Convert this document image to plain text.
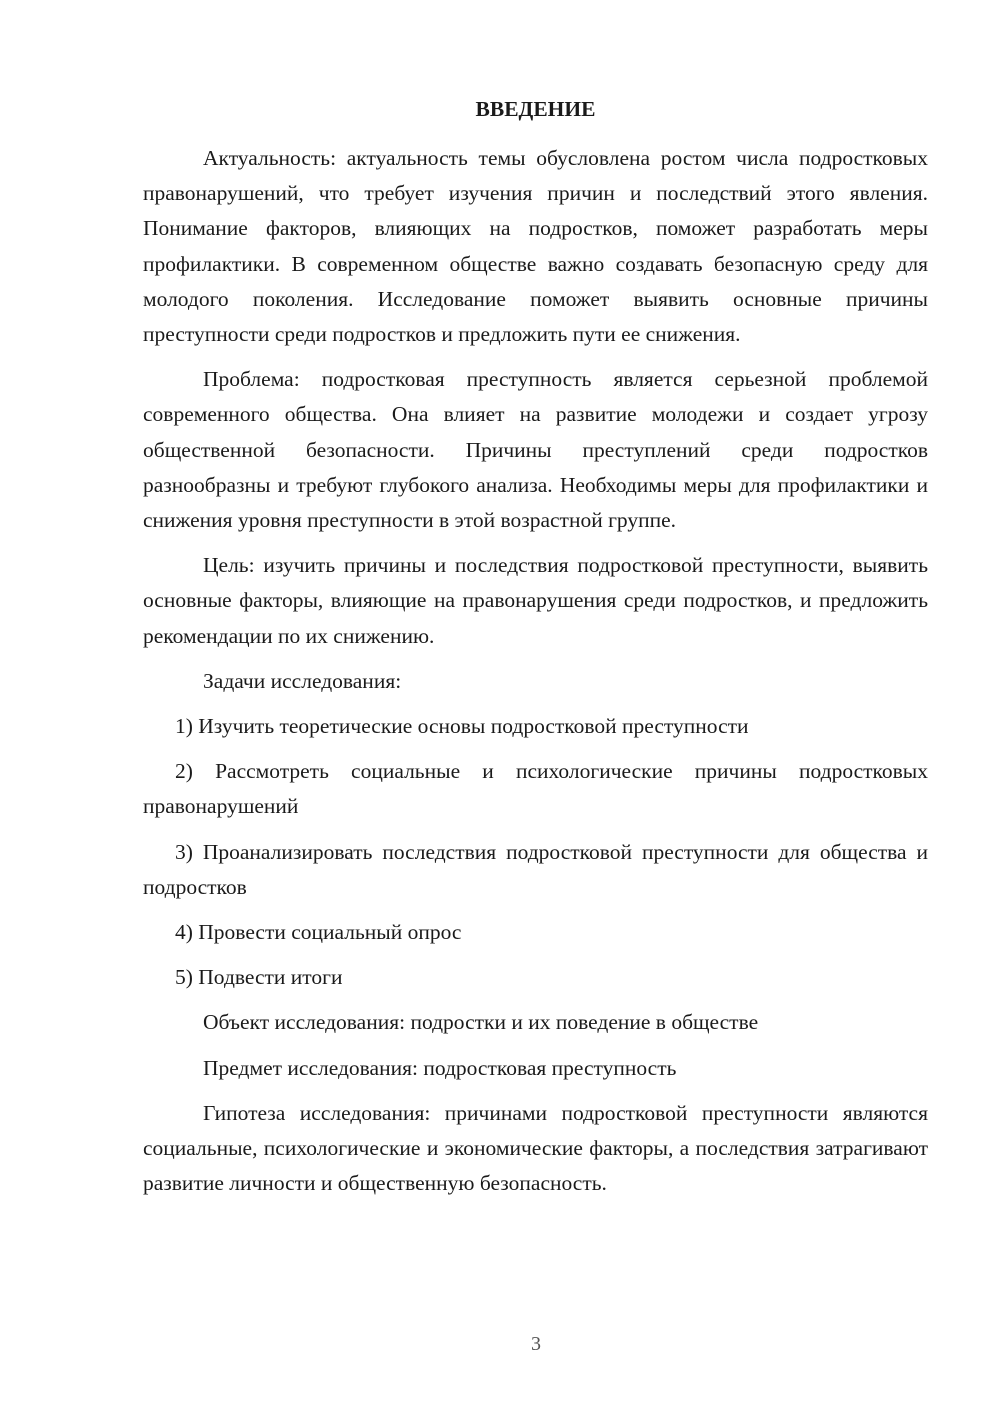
ВВЕДЕНИЕ

Актуальность: актуальность темы обусловлена ростом числа подростковых правонарушений, что требует изучения причин и последствий этого явления. Понимание факторов, влияющих на подростков, поможет разработать меры профилактики. В современном обществе важно создавать безопасную среду для молодого поколения. Исследование поможет выявить основные причины преступности среди подростков и предложить пути ее снижения.

Проблема: подростковая преступность является серьезной проблемой современного общества. Она влияет на развитие молодежи и создает угрозу общественной безопасности. Причины преступлений среди подростков разнообразны и требуют глубокого анализа. Необходимы меры для профилактики и снижения уровня преступности в этой возрастной группе.

Цель: изучить причины и последствия подростковой преступности, выявить основные факторы, влияющие на правонарушения среди подростков, и предложить рекомендации по их снижению.

Задачи исследования:

1) Изучить теоретические основы подростковой преступности

2) Рассмотреть социальные и психологические причины подростковых правонарушений

3) Проанализировать последствия подростковой преступности для общества и подростков

4) Провести социальный опрос

5) Подвести итоги

Объект исследования: подростки и их поведение в обществе

Предмет исследования: подростковая преступность

Гипотеза исследования: причинами подростковой преступности являются социальные, психологические и экономические факторы, а последствия затрагивают развитие личности и общественную безопасность.

3
